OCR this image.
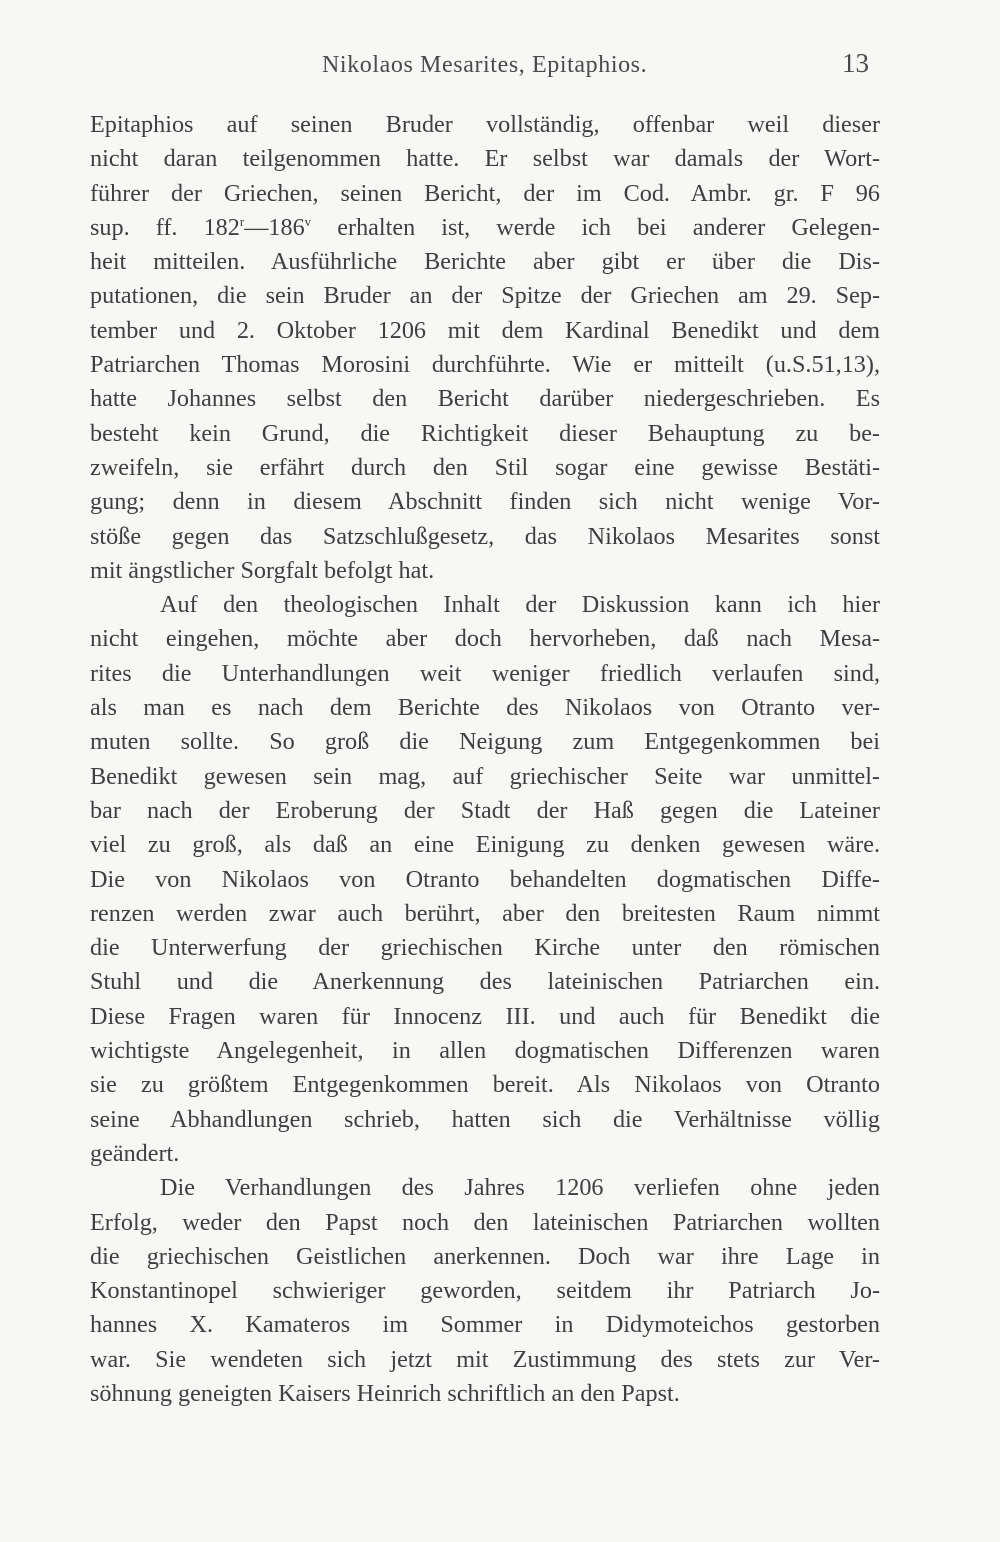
Nikolaos Mesarites, Epitaphios.	13
Epitaphios auf seinen Bruder vollständig, offenbar weil dieser
nicht daran teilgenommen hatte. Er selbst war damals der Wort-
führer der Griechen, seinen Bericht, der im Cod. Ambr. gr. F 96
sup. ff. 182$^r$—186$^v$ erhalten ist, werde ich bei anderer Gelegen-
heit mitteilen. Ausführliche Berichte aber gibt er über die Dis-
putationen, die sein Bruder an der Spitze der Griechen am 29. Sep-
tember und 2. Oktober 1206 mit dem Kardinal Benedikt und dem
Patriarchen Thomas Morosini durchführte. Wie er mitteilt (u.S.51,13),
hatte Johannes selbst den Bericht darüber niedergeschrieben. Es
besteht kein Grund, die Richtigkeit dieser Behauptung zu be-
zweifeln, sie erfährt durch den Stil sogar eine gewisse Bestäti-
gung; denn in diesem Abschnitt finden sich nicht wenige Vor-
stöße gegen das Satzschlußgesetz, das Nikolaos Mesarites sonst
mit ängstlicher Sorgfalt befolgt hat.
Auf den theologischen Inhalt der Diskussion kann ich hier
nicht eingehen, möchte aber doch hervorheben, daß nach Mesa-
rites die Unterhandlungen weit weniger friedlich verlaufen sind,
als man es nach dem Berichte des Nikolaos von Otranto ver-
muten sollte. So groß die Neigung zum Entgegenkommen bei
Benedikt gewesen sein mag, auf griechischer Seite war unmittel-
bar nach der Eroberung der Stadt der Haß gegen die Lateiner
viel zu groß, als daß an eine Einigung zu denken gewesen wäre.
Die von Nikolaos von Otranto behandelten dogmatischen Diffe-
renzen werden zwar auch berührt, aber den breitesten Raum nimmt
die Unterwerfung der griechischen Kirche unter den römischen
Stuhl und die Anerkennung des lateinischen Patriarchen ein.
Diese Fragen waren für Innocenz III. und auch für Benedikt die
wichtigste Angelegenheit, in allen dogmatischen Differenzen waren
sie zu größtem Entgegenkommen bereit. Als Nikolaos von Otranto
seine Abhandlungen schrieb, hatten sich die Verhältnisse völlig
geändert.
Die Verhandlungen des Jahres 1206 verliefen ohne jeden
Erfolg, weder den Papst noch den lateinischen Patriarchen wollten
die griechischen Geistlichen anerkennen. Doch war ihre Lage in
Konstantinopel schwieriger geworden, seitdem ihr Patriarch Jo-
hannes X. Kamateros im Sommer in Didymoteichos gestorben
war. Sie wendeten sich jetzt mit Zustimmung des stets zur Ver-
söhnung geneigten Kaisers Heinrich schriftlich an den Papst.
